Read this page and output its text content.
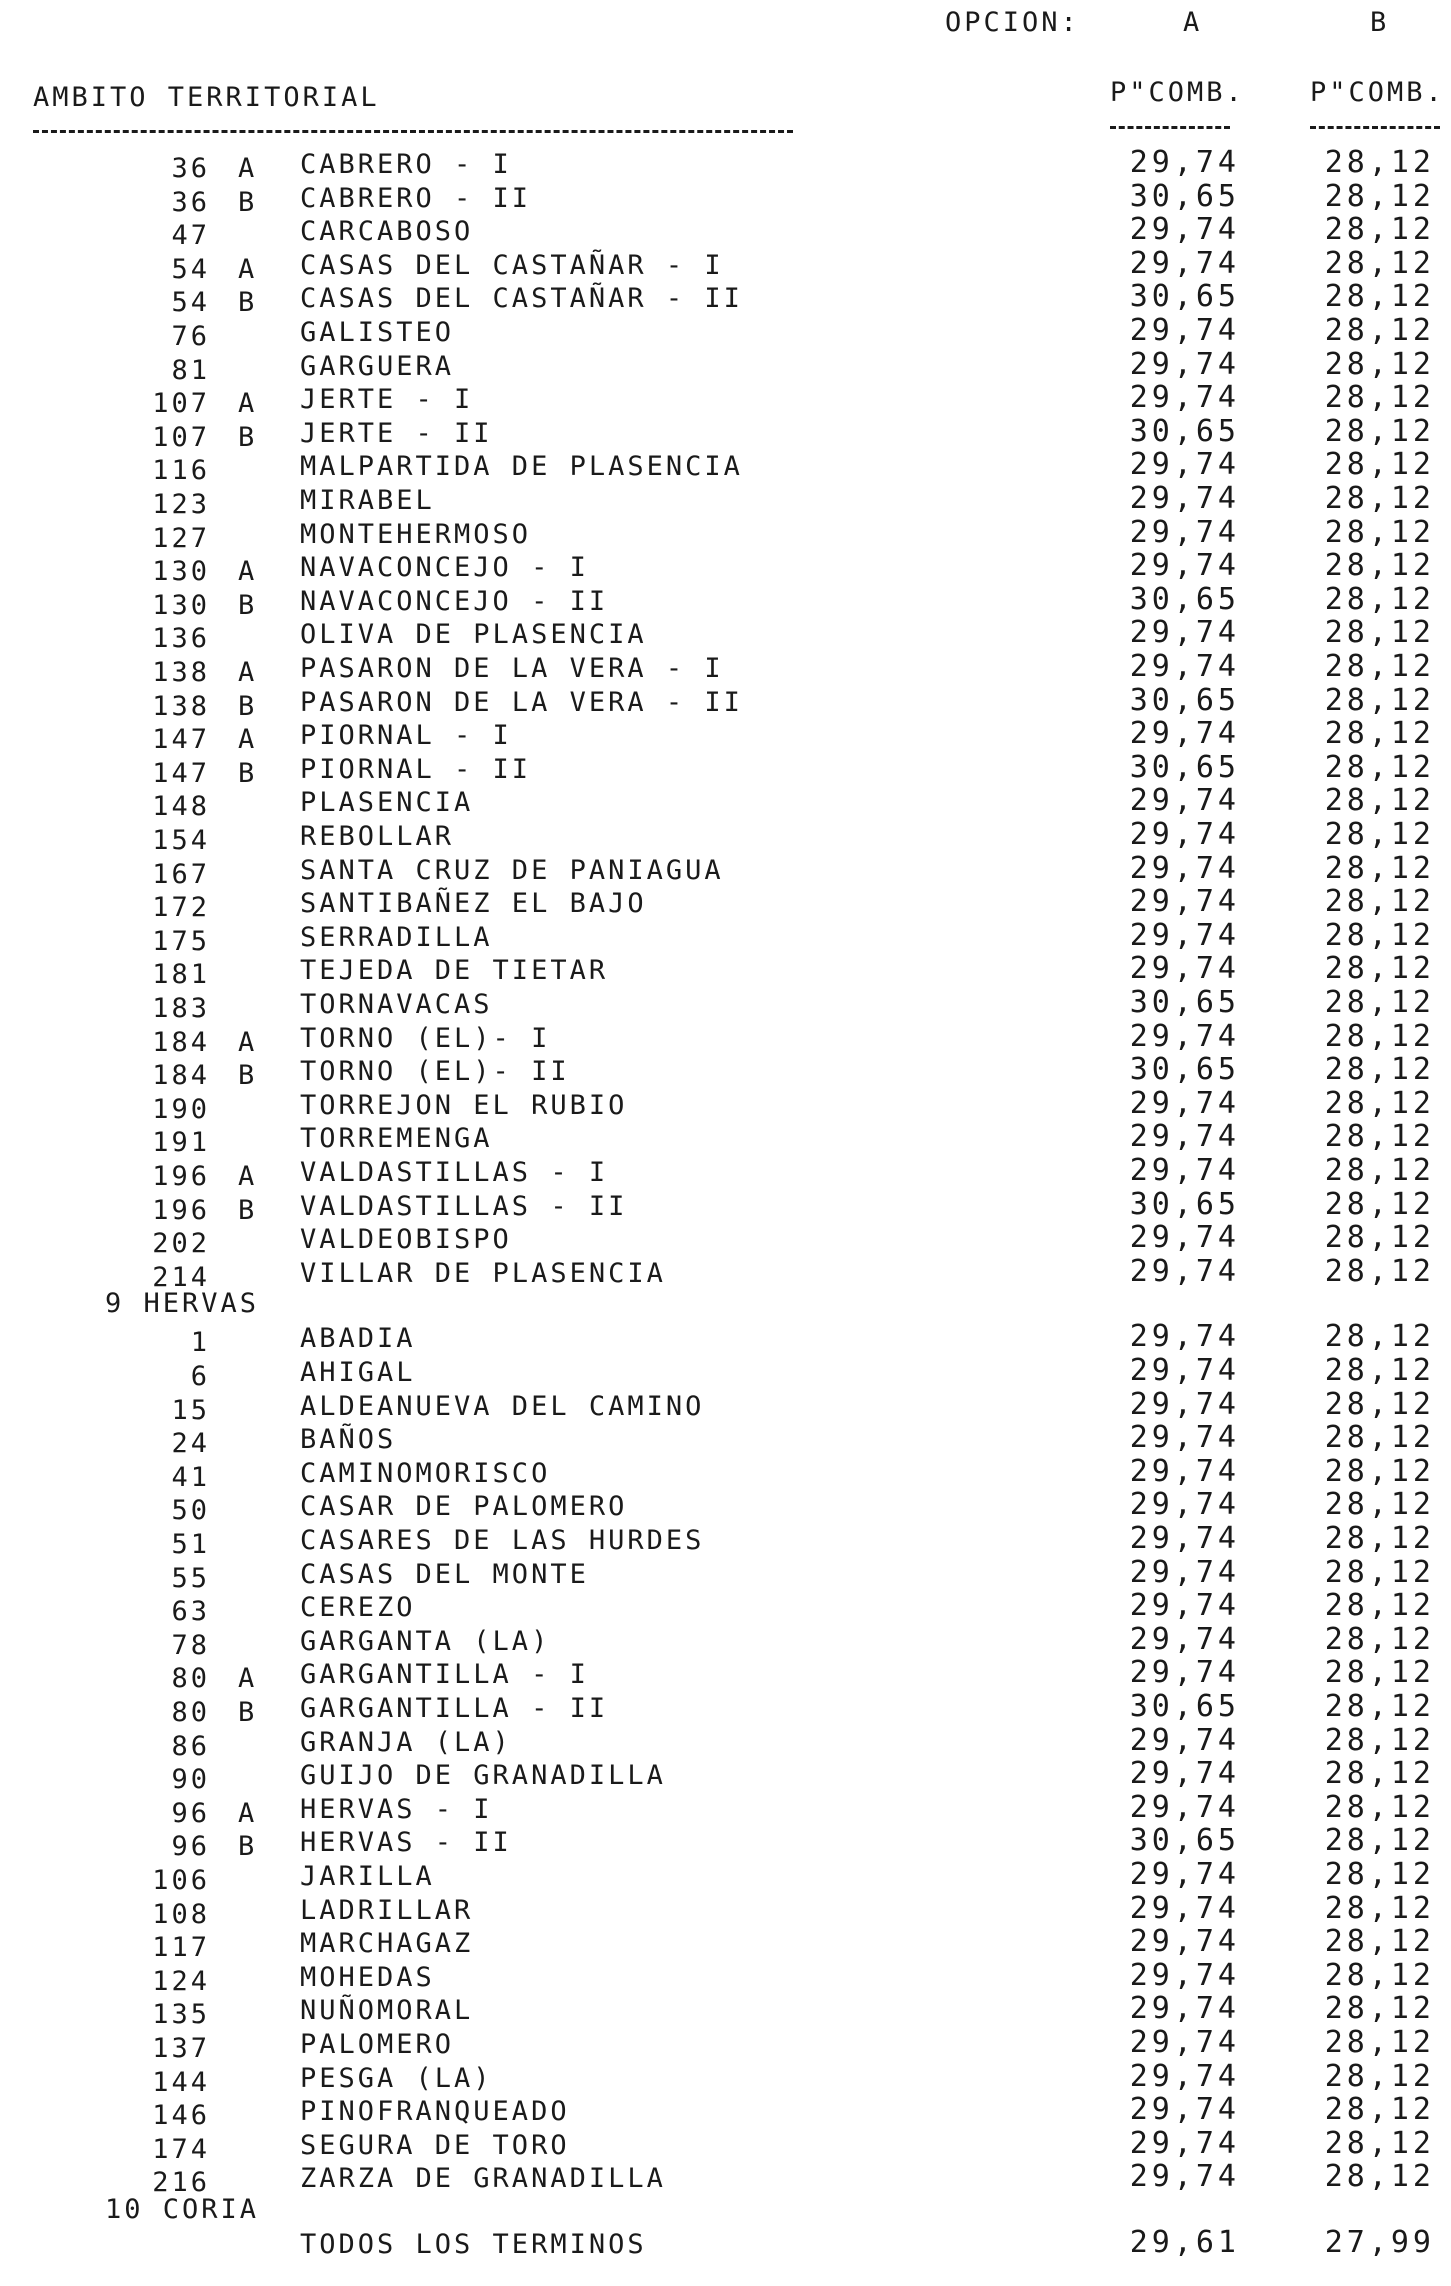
OPCION:	A	B
AMBITO TERRITORIAL	P"COMB. P"COMB.
36 A CABRERO - I	29,74	28,12
36 B CABRERO - II	30,65	28,12
47	CARCABOSO	29,74	28,12
54 A CASAS DEL CASTAÑAR - I	29,74	28,12
54 B CASAS DEL CASTAÑAR - II	30,65	28,12
76	GALISTEO	29,74	28,12
81	GARGUERA	29,74	28,12
107 A JERTE - I	29,74	28,12
107 B JERTE - II	30,65	28,12
116	MALPARTIDA DE PLASENCIA	29,74	28,12
123	MIRABEL	29,74	28,12
127	MONTEHERMOSO	29,74	28,12
130 A NAVACONCEJO - I	29,74	28,12
130 B NAVACONCEJO - II	30,65	28,12
136	OLIVA DE PLASENCIA	29,74	28,12
138 A PASARON DE LA VERA - I	29,74	28,12
138 B PASARON DE LA VERA - II	30,65	28,12
147 A PIORNAL - I	29,74	28,12
147 B PIORNAL - II	30,65	28,12
148	PLASENCIA	29,74	28,12
154	REBOLLAR	29,74	28,12
167	SANTA CRUZ DE PANIAGUA	29,74	28,12
172	SANTIBAÑEZ EL BAJO	29,74	28,12
175	SERRADILLA	29,74	28,12
181	TEJEDA DE TIETAR	29,74	28,12
183	TORNAVACAS	30,65	28,12
184 A TORNO (EL)- I	29,74	28,12
184 B TORNO (EL)- II	30,65	28,12
190	TORREJON EL RUBIO	29,74	28,12
191	TORREMENGA	29,74	28,12
196 A VALDASTILLAS - I	29,74	28,12
196 B VALDASTILLAS - II	30,65	28,12
202	VALDEOBISPO	29,74	28,12
214	VILLAR DE PLASENCIA	29,74	28,12
9 HERVAS
1	ABADIA	29,74	28,12
6	AHIGAL	29,74	28,12
15	ALDEANUEVA DEL CAMINO	29,74	28,12
24	BAÑOS	29,74	28,12
41	CAMINOMORISCO	29,74	28,12
50	CASAR DE PALOMERO	29,74	28,12
51	CASARES DE LAS HURDES	29,74	28,12
55	CASAS DEL MONTE	29,74	28,12
63	CEREZO	29,74	28,12
78	GARGANTA (LA)	29,74	28,12
80 A GARGANTILLA - I	29,74	28,12
80 B GARGANTILLA - II	30,65	28,12
86	GRANJA (LA)	29,74	28,12
90	GUIJO DE GRANADILLA	29,74	28,12
96 A HERVAS - I	29,74	28,12
96 B HERVAS - II	30,65	28,12
106	JARILLA	29,74	28,12
108	LADRILLAR	29,74	28,12
117	MARCHAGAZ	29,74	28,12
124	MOHEDAS	29,74	28,12
135	NUÑOMORAL	29,74	28,12
137	PALOMERO	29,74	28,12
144	PESGA (LA)	29,74	28,12
146	PINOFRANQUEADO	29,74	28,12
174	SEGURA DE TORO	29,74	28,12
216	ZARZA DE GRANADILLA	29,74	28,12
10 CORIA
TODOS LOS TERMINOS	29,61	27,99
